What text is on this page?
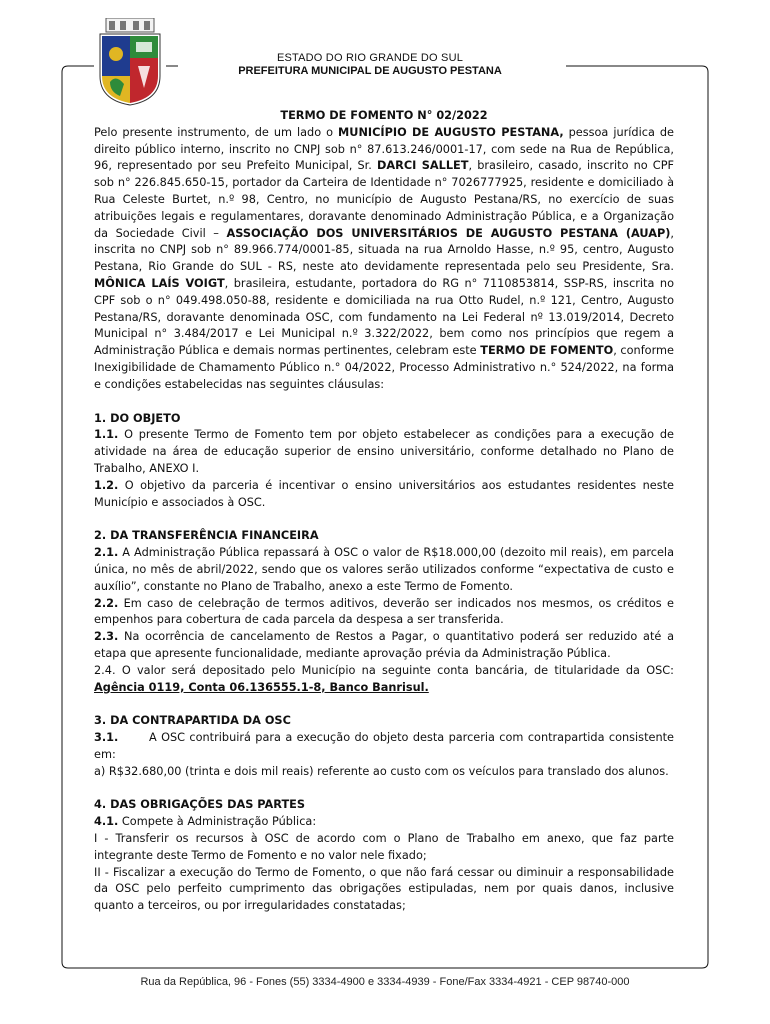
ESTADO DO RIO GRANDE DO SUL
PREFEITURA MUNICIPAL DE AUGUSTO PESTANA

TERMO DE FOMENTO N° 02/2022

Pelo presente instrumento, de um lado o MUNICÍPIO DE AUGUSTO PESTANA, pessoa jurídica de direito público interno, inscrito no CNPJ sob n° 87.613.246/0001-17, com sede na Rua de República, 96, representado por seu Prefeito Municipal, Sr. DARCI SALLET, brasileiro, casado, inscrito no CPF sob n° 226.845.650-15, portador da Carteira de Identidade n° 7026777925, residente e domiciliado à Rua Celeste Burtet, n.º 98, Centro, no município de Augusto Pestana/RS, no exercício de suas atribuições legais e regulamentares, doravante denominado Administração Pública, e a Organização da Sociedade Civil – ASSOCIAÇÃO DOS UNIVERSITÁRIOS DE AUGUSTO PESTANA (AUAP), inscrita no CNPJ sob n° 89.966.774/0001-85, situada na rua Arnoldo Hasse, n.º 95, centro, Augusto Pestana, Rio Grande do SUL - RS, neste ato devidamente representada pelo seu Presidente, Sra. MÔNICA LAÍS VOIGT, brasileira, estudante, portadora do RG n° 7110853814, SSP-RS, inscrita no CPF sob o n° 049.498.050-88, residente e domiciliada na rua Otto Rudel, n.º 121, Centro, Augusto Pestana/RS, doravante denominada OSC, com fundamento na Lei Federal nº 13.019/2014, Decreto Municipal n° 3.484/2017 e Lei Municipal n.º 3.322/2022, bem como nos princípios que regem a Administração Pública e demais normas pertinentes, celebram este TERMO DE FOMENTO, conforme Inexigibilidade de Chamamento Público n.° 04/2022, Processo Administrativo n.° 524/2022, na forma e condições estabelecidas nas seguintes cláusulas:

1. DO OBJETO

1.1. O presente Termo de Fomento tem por objeto estabelecer as condições para a execução de atividade na área de educação superior de ensino universitário, conforme detalhado no Plano de Trabalho, ANEXO I.

1.2. O objetivo da parceria é incentivar o ensino universitários aos estudantes residentes neste Município e associados à OSC.

2. DA TRANSFERÊNCIA FINANCEIRA

2.1. A Administração Pública repassará à OSC o valor de R$18.000,00 (dezoito mil reais), em parcela única, no mês de abril/2022, sendo que os valores serão utilizados conforme “expectativa de custo e auxílio”, constante no Plano de Trabalho, anexo a este Termo de Fomento.

2.2. Em caso de celebração de termos aditivos, deverão ser indicados nos mesmos, os créditos e empenhos para cobertura de cada parcela da despesa a ser transferida.

2.3. Na ocorrência de cancelamento de Restos a Pagar, o quantitativo poderá ser reduzido até a etapa que apresente funcionalidade, mediante aprovação prévia da Administração Pública.

2.4. O valor será depositado pelo Município na seguinte conta bancária, de titularidade da OSC: Agência 0119, Conta 06.136555.1-8, Banco Banrisul.

3. DA CONTRAPARTIDA DA OSC

3.1.       A OSC contribuirá para a execução do objeto desta parceria com contrapartida consistente em:

a) R$32.680,00 (trinta e dois mil reais) referente ao custo com os veículos para translado dos alunos.

4. DAS OBRIGAÇÕES DAS PARTES

4.1. Compete à Administração Pública:

I - Transferir os recursos à OSC de acordo com o Plano de Trabalho em anexo, que faz parte integrante deste Termo de Fomento e no valor nele fixado;

II - Fiscalizar a execução do Termo de Fomento, o que não fará cessar ou diminuir a responsabilidade da OSC pelo perfeito cumprimento das obrigações estipuladas, nem por quais danos, inclusive quanto a terceiros, ou por irregularidades constatadas;

Rua da República, 96 - Fones (55) 3334-4900 e 3334-4939 - Fone/Fax 3334-4921 - CEP 98740-000
